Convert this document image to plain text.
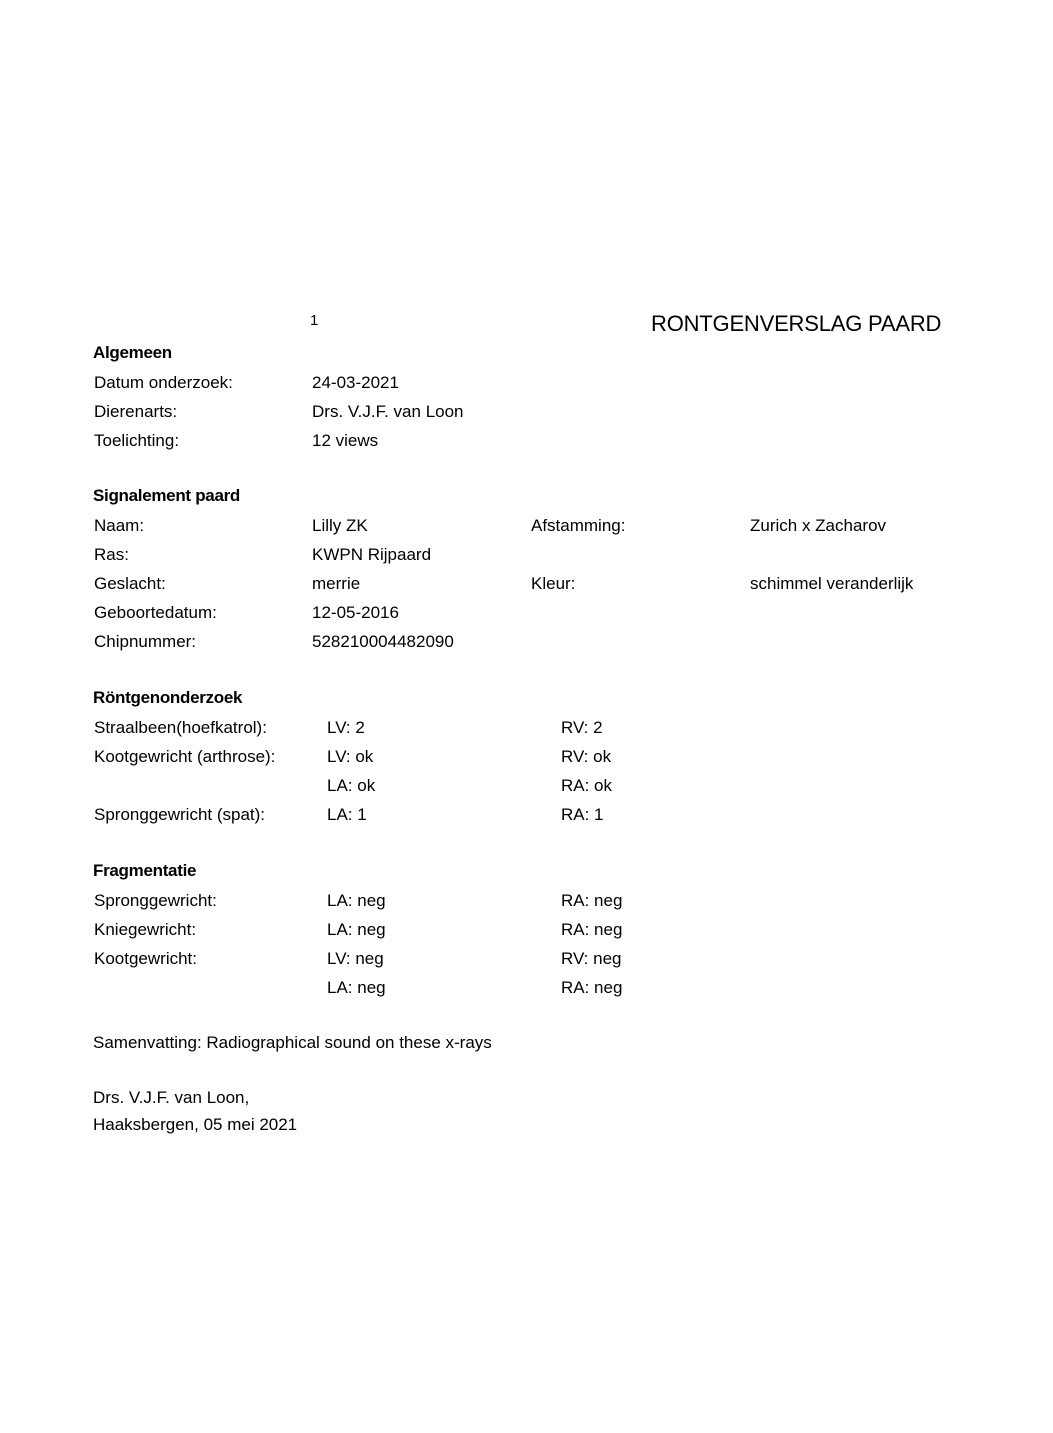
1	RONTGENVERSLAG PAARD
Algemeen
Datum onderzoek:	24-03-2021
Dierenarts:	Drs. V.J.F. van Loon
Toelichting:	12 views
Signalement paard
Naam:	Lilly ZK	Afstamming:	Zurich x Zacharov
Ras:	KWPN Rijpaard
Geslacht:	merrie	Kleur:	schimmel veranderlijk
Geboortedatum:	12-05-2016
Chipnummer:	528210004482090
Röntgenonderzoek
Straalbeen(hoefkatrol):	LV: 2	RV: 2
Kootgewricht (arthrose):	LV: ok	RV: ok
LA: ok	RA: ok
Spronggewricht (spat):	LA: 1	RA: 1
Fragmentatie
Spronggewricht:	LA: neg	RA: neg
Kniegewricht:	LA: neg	RA: neg
Kootgewricht:	LV: neg	RV: neg
LA: neg	RA: neg
Samenvatting: Radiographical sound on these x-rays
Drs. V.J.F. van Loon,
Haaksbergen, 05 mei 2021
